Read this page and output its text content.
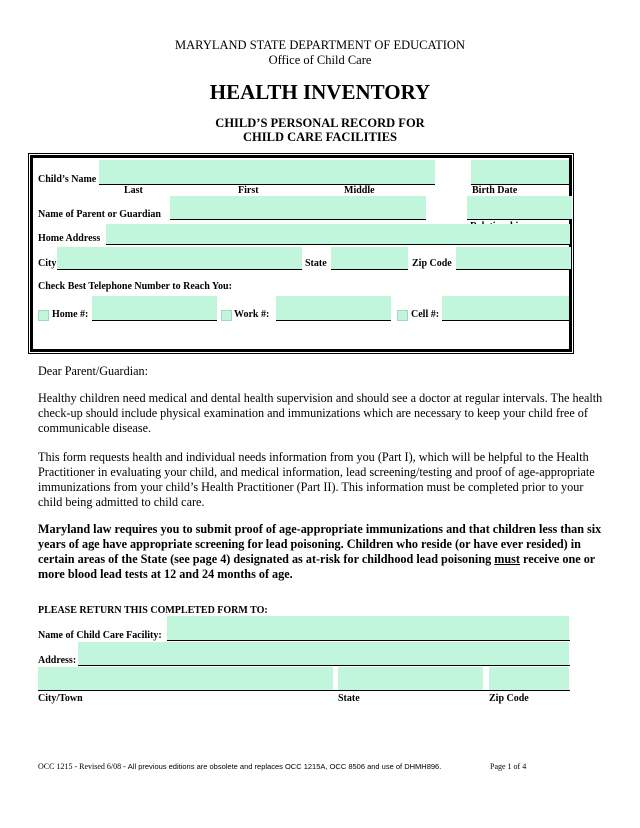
MARYLAND STATE DEPARTMENT OF EDUCATION
Office of Child Care
HEALTH INVENTORY
CHILD’S PERSONAL RECORD FOR
CHILD CARE FACILITIES
Child’s Name
Last	First	Middle	Birth Date
Name of Parent or Guardian
Home Address
City	State	Zip Code
Check Best Telephone Number to Reach You:
Home #:	Work #:	Cell #:
Dear Parent/Guardian:
Healthy children need medical and dental health supervision and should see a doctor at regular intervals. The health check-up should include physical examination and immunizations which are necessary to keep your child free of communicable disease.
This form requests health and individual needs information from you (Part I), which will be helpful to the Health Practitioner in evaluating your child, and medical information, lead screening/testing and proof of age-appropriate immunizations from your child’s Health Practitioner (Part II). This information must be completed prior to your child being admitted to child care.
Maryland law requires you to submit proof of age-appropriate immunizations and that children less than six years of age have appropriate screening for lead poisoning. Children who reside (or have ever resided) in certain areas of the State (see page 4) designated as at-risk for childhood lead poisoning must receive one or more blood lead tests at 12 and 24 months of age.
PLEASE RETURN THIS COMPLETED FORM TO:
Name of Child Care Facility:
Address:
City/Town	State	Zip Code
OCC 1215 - Revised 6/08 - All previous editions are obsolete and replaces OCC 1215A, OCC 8506 and use of DHMH896.	Page 1 of 4
